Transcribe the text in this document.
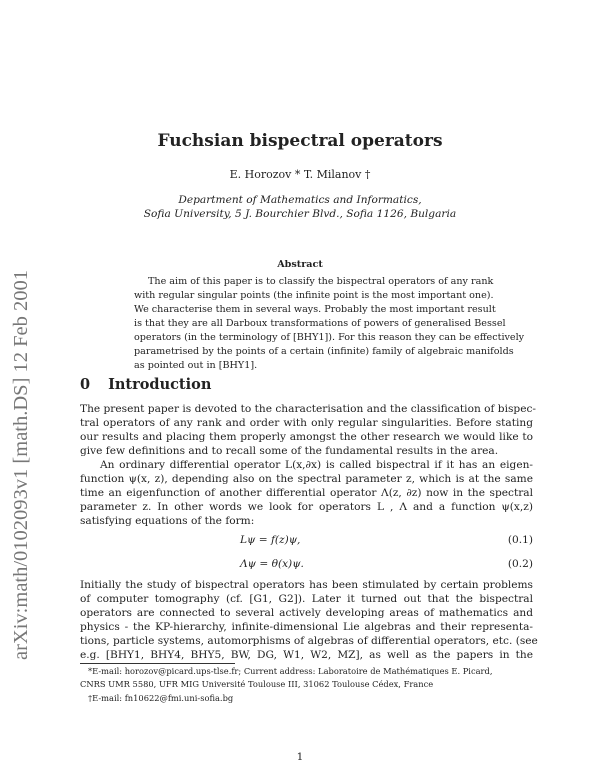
arXiv:math/0102093v1 [math.DS] 12 Feb 2001
Fuchsian bispectral operators
E. Horozov * T. Milanov †
Department of Mathematics and Informatics,
Sofia University, 5 J. Bourchier Blvd., Sofia 1126, Bulgaria
Abstract
The aim of this paper is to classify the bispectral operators of any rank
with regular singular points (the infinite point is the most important one).
We characterise them in several ways. Probably the most important result
is that they are all Darboux transformations of powers of generalised Bessel
operators (in the terminology of [BHY1]). For this reason they can be effectively
parametrised by the points of a certain (infinite) family of algebraic manifolds
as pointed out in [BHY1].
0 Introduction
The present paper is devoted to the characterisation and the classification of bispec-
tral operators of any rank and order with only regular singularities. Before stating
our results and placing them properly amongst the other research we would like to
give few definitions and to recall some of the fundamental results in the area.
An ordinary differential operator L(x,∂x) is called bispectral if it has an eigen-
function ψ(x, z), depending also on the spectral parameter z, which is at the same
time an eigenfunction of another differential operator Λ(z, ∂z) now in the spectral
parameter z. In other words we look for operators L , Λ and a function ψ(x,z)
satisfying equations of the form:
Lψ = f(z)ψ,	(0.1)
Λψ = θ(x)ψ.	(0.2)
Initially the study of bispectral operators has been stimulated by certain problems
of computer tomography (cf. [G1, G2]). Later it turned out that the bispectral
operators are connected to several actively developing areas of mathematics and
physics - the KP-hierarchy, infinite-dimensional Lie algebras and their representa-
tions, particle systems, automorphisms of algebras of differential operators, etc. (see
e.g. [BHY1, BHY4, BHY5, BW, DG, W1, W2, MZ], as well as the papers in the
*E-mail: horozov@picard.ups-tlse.fr; Current address: Laboratoire de Mathématiques E. Picard,
CNRS UMR 5580, UFR MIG Université Toulouse III, 31062 Toulouse Cédex, France
†E-mail: fn10622@fmi.uni-sofia.bg
1
